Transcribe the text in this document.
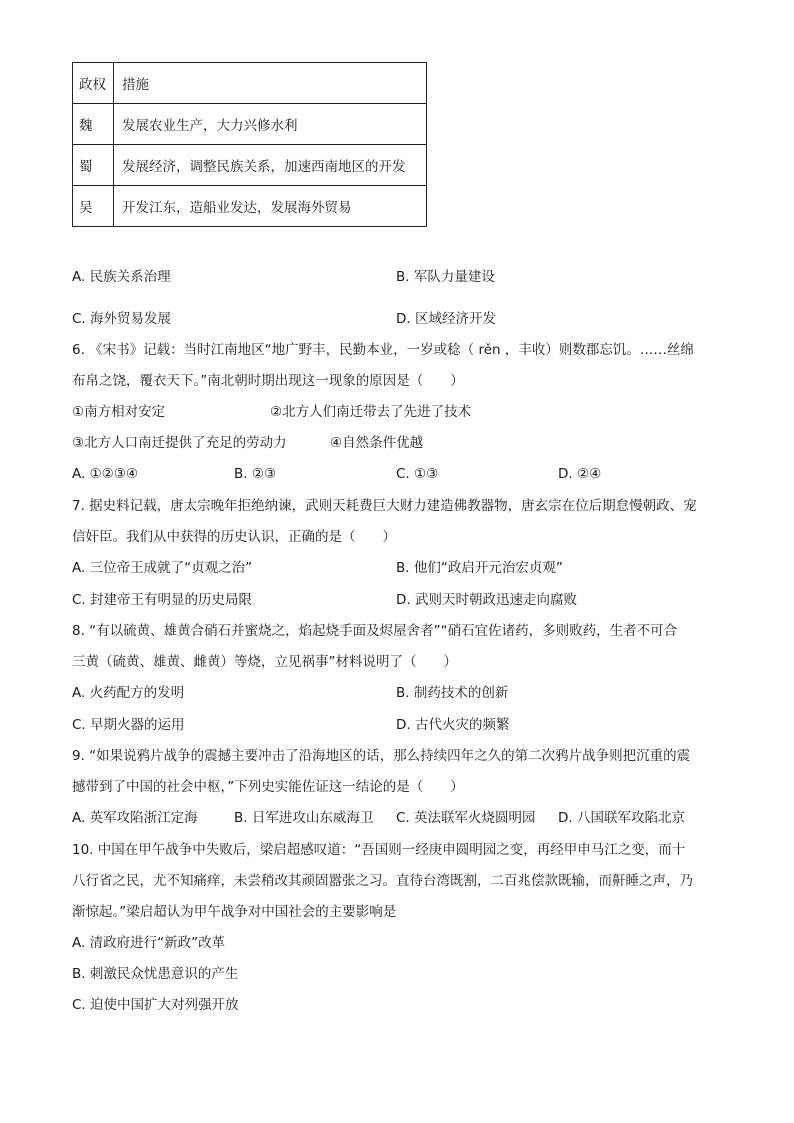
政权	措施
魏	发展农业生产，大力兴修水利
蜀	发展经济，调整民族关系，加速西南地区的开发
吴	开发江东，造船业发达，发展海外贸易
A. 民族关系治理	B. 军队力量建设
C. 海外贸易发展	D. 区域经济开发
6. 《宋书》记载：当时江南地区“地广野丰，民勤本业，一岁或稔（ rěn ，丰收）则数郡忘饥。……丝绵
布帛之饶，覆衣天下。”南北朝时期出现这一现象的原因是（　　）
①南方相对安定	②北方人们南迁带去了先进了技术
③北方人口南迁提供了充足的劳动力	④自然条件优越
A. ①②③④	B. ②③	C. ①③	D. ②④
7. 据史料记载，唐太宗晚年拒绝纳谏，武则天耗费巨大财力建造佛教器物，唐玄宗在位后期怠慢朝政、宠
信奸臣。我们从中获得的历史认识，正确的是（　　）
A. 三位帝王成就了“贞观之治”	B. 他们“政启开元治宏贞观”
C. 封建帝王有明显的历史局限	D. 武则天时朝政迅速走向腐败
8. “有以硫黄、雄黄合硝石并蜜烧之，焰起烧手面及烬屋舍者”“硝石宜佐诸药，多则败药，生者不可合
三黄（硫黄、雄黄、雌黄）等烧，立见祸事”材料说明了（　　）
A. 火药配方的发明	B. 制药技术的创新
C. 早期火器的运用	D. 古代火灾的频繁
9. “如果说鸦片战争的震撼主要冲击了沿海地区的话，那么持续四年之久的第二次鸦片战争则把沉重的震
撼带到了中国的社会中枢，”下列史实能佐证这一结论的是（　　）
A. 英军攻陷浙江定海	B. 日军进攻山东威海卫 C. 英法联军火烧圆明园 D. 八国联军攻陷北京
10. 中国在甲午战争中失败后，梁启超感叹道：“吾国则一经庚申圆明园之变，再经甲申马江之变，而十
八行省之民，尤不知痛痒，未尝稍改其顽固嚣张之习。直待台湾既割，二百兆偿款既输，而鼾睡之声，乃
渐惊起。”梁启超认为甲午战争对中国社会的主要影响是
A. 清政府进行“新政”改革
B. 刺激民众忧患意识的产生
C. 迫使中国扩大对列强开放
